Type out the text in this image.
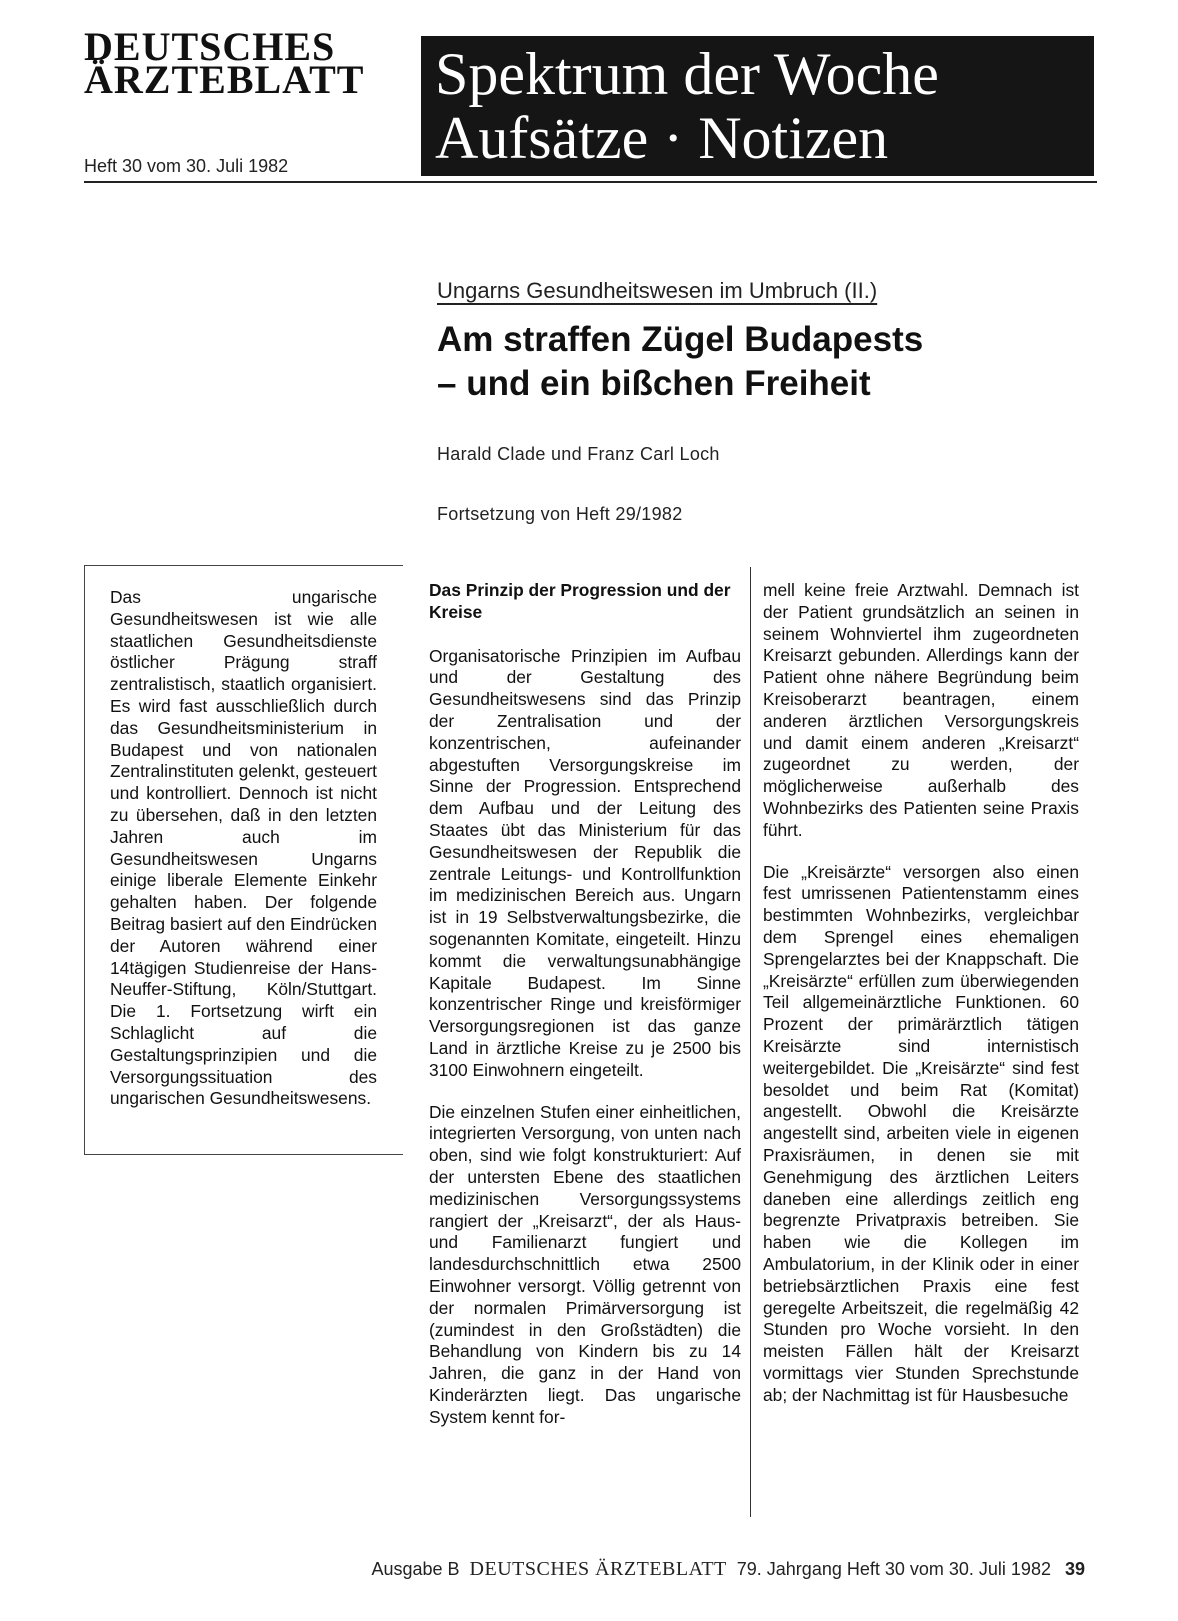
DEUTSCHES
ÄRZTEBLATT
Heft 30 vom 30. Juli 1982
Spektrum der Woche
Aufsätze · Notizen
Ungarns Gesundheitswesen im Umbruch (II.)
Am straffen Zügel Budapests
– und ein bißchen Freiheit
Harald Clade und Franz Carl Loch
Fortsetzung von Heft 29/1982

Das ungarische Gesundheitswesen ist wie alle staatlichen Gesundheitsdienste östlicher Prägung straff zentralistisch, staatlich organisiert. Es wird fast ausschließlich durch das Gesundheitsministerium in Budapest und von nationalen Zentralinstituten gelenkt, gesteuert und kontrolliert. Dennoch ist nicht zu übersehen, daß in den letzten Jahren auch im Gesundheitswesen Ungarns einige liberale Elemente Einkehr gehalten haben. Der folgende Beitrag basiert auf den Eindrücken der Autoren während einer 14tägigen Studienreise der Hans-Neuffer-Stiftung, Köln/Stuttgart. Die 1. Fortsetzung wirft ein Schlaglicht auf die Gestaltungsprinzipien und die Versorgungssituation des ungarischen Gesundheitswesens.

Das Prinzip der Progression und der Kreise

Organisatorische Prinzipien im Aufbau und der Gestaltung des Gesundheitswesens sind das Prinzip der Zentralisation und der konzentrischen, aufeinander abgestuften Versorgungskreise im Sinne der Progression. Entsprechend dem Aufbau und der Leitung des Staates übt das Ministerium für das Gesundheitswesen der Republik die zentrale Leitungs- und Kontrollfunktion im medizinischen Bereich aus. Ungarn ist in 19 Selbstverwaltungsbezirke, die sogenannten Komitate, eingeteilt. Hinzu kommt die verwaltungsunabhängige Kapitale Budapest. Im Sinne konzentrischer Ringe und kreisförmiger Versorgungsregionen ist das ganze Land in ärztliche Kreise zu je 2500 bis 3100 Einwohnern eingeteilt.

Die einzelnen Stufen einer einheitlichen, integrierten Versorgung, von unten nach oben, sind wie folgt konstrukturiert: Auf der untersten Ebene des staatlichen medizinischen Versorgungssystems rangiert der „Kreisarzt“, der als Haus- und Familienarzt fungiert und landesdurchschnittlich etwa 2500 Einwohner versorgt. Völlig getrennt von der normalen Primärversorgung ist (zumindest in den Großstädten) die Behandlung von Kindern bis zu 14 Jahren, die ganz in der Hand von Kinderärzten liegt. Das ungarische System kennt for-

mell keine freie Arztwahl. Demnach ist der Patient grundsätzlich an seinen in seinem Wohnviertel ihm zugeordneten Kreisarzt gebunden. Allerdings kann der Patient ohne nähere Begründung beim Kreisoberarzt beantragen, einem anderen ärztlichen Versorgungskreis und damit einem anderen „Kreisarzt“ zugeordnet zu werden, der möglicherweise außerhalb des Wohnbezirks des Patienten seine Praxis führt.

Die „Kreisärzte“ versorgen also einen fest umrissenen Patientenstamm eines bestimmten Wohnbezirks, vergleichbar dem Sprengel eines ehemaligen Sprengelarztes bei der Knappschaft. Die „Kreisärzte“ erfüllen zum überwiegenden Teil allgemeinärztliche Funktionen. 60 Prozent der primärärztlich tätigen Kreisärzte sind internistisch weitergebildet. Die „Kreisärzte“ sind fest besoldet und beim Rat (Komitat) angestellt. Obwohl die Kreisärzte angestellt sind, arbeiten viele in eigenen Praxisräumen, in denen sie mit Genehmigung des ärztlichen Leiters daneben eine allerdings zeitlich eng begrenzte Privatpraxis betreiben. Sie haben wie die Kollegen im Ambulatorium, in der Klinik oder in einer betriebsärztlichen Praxis eine fest geregelte Arbeitszeit, die regelmäßig 42 Stunden pro Woche vorsieht. In den meisten Fällen hält der Kreisarzt vormittags vier Stunden Sprechstunde ab; der Nachmittag ist für Hausbesuche

Ausgabe B DEUTSCHES ÄRZTEBLATT 79. Jahrgang Heft 30 vom 30. Juli 1982 39
